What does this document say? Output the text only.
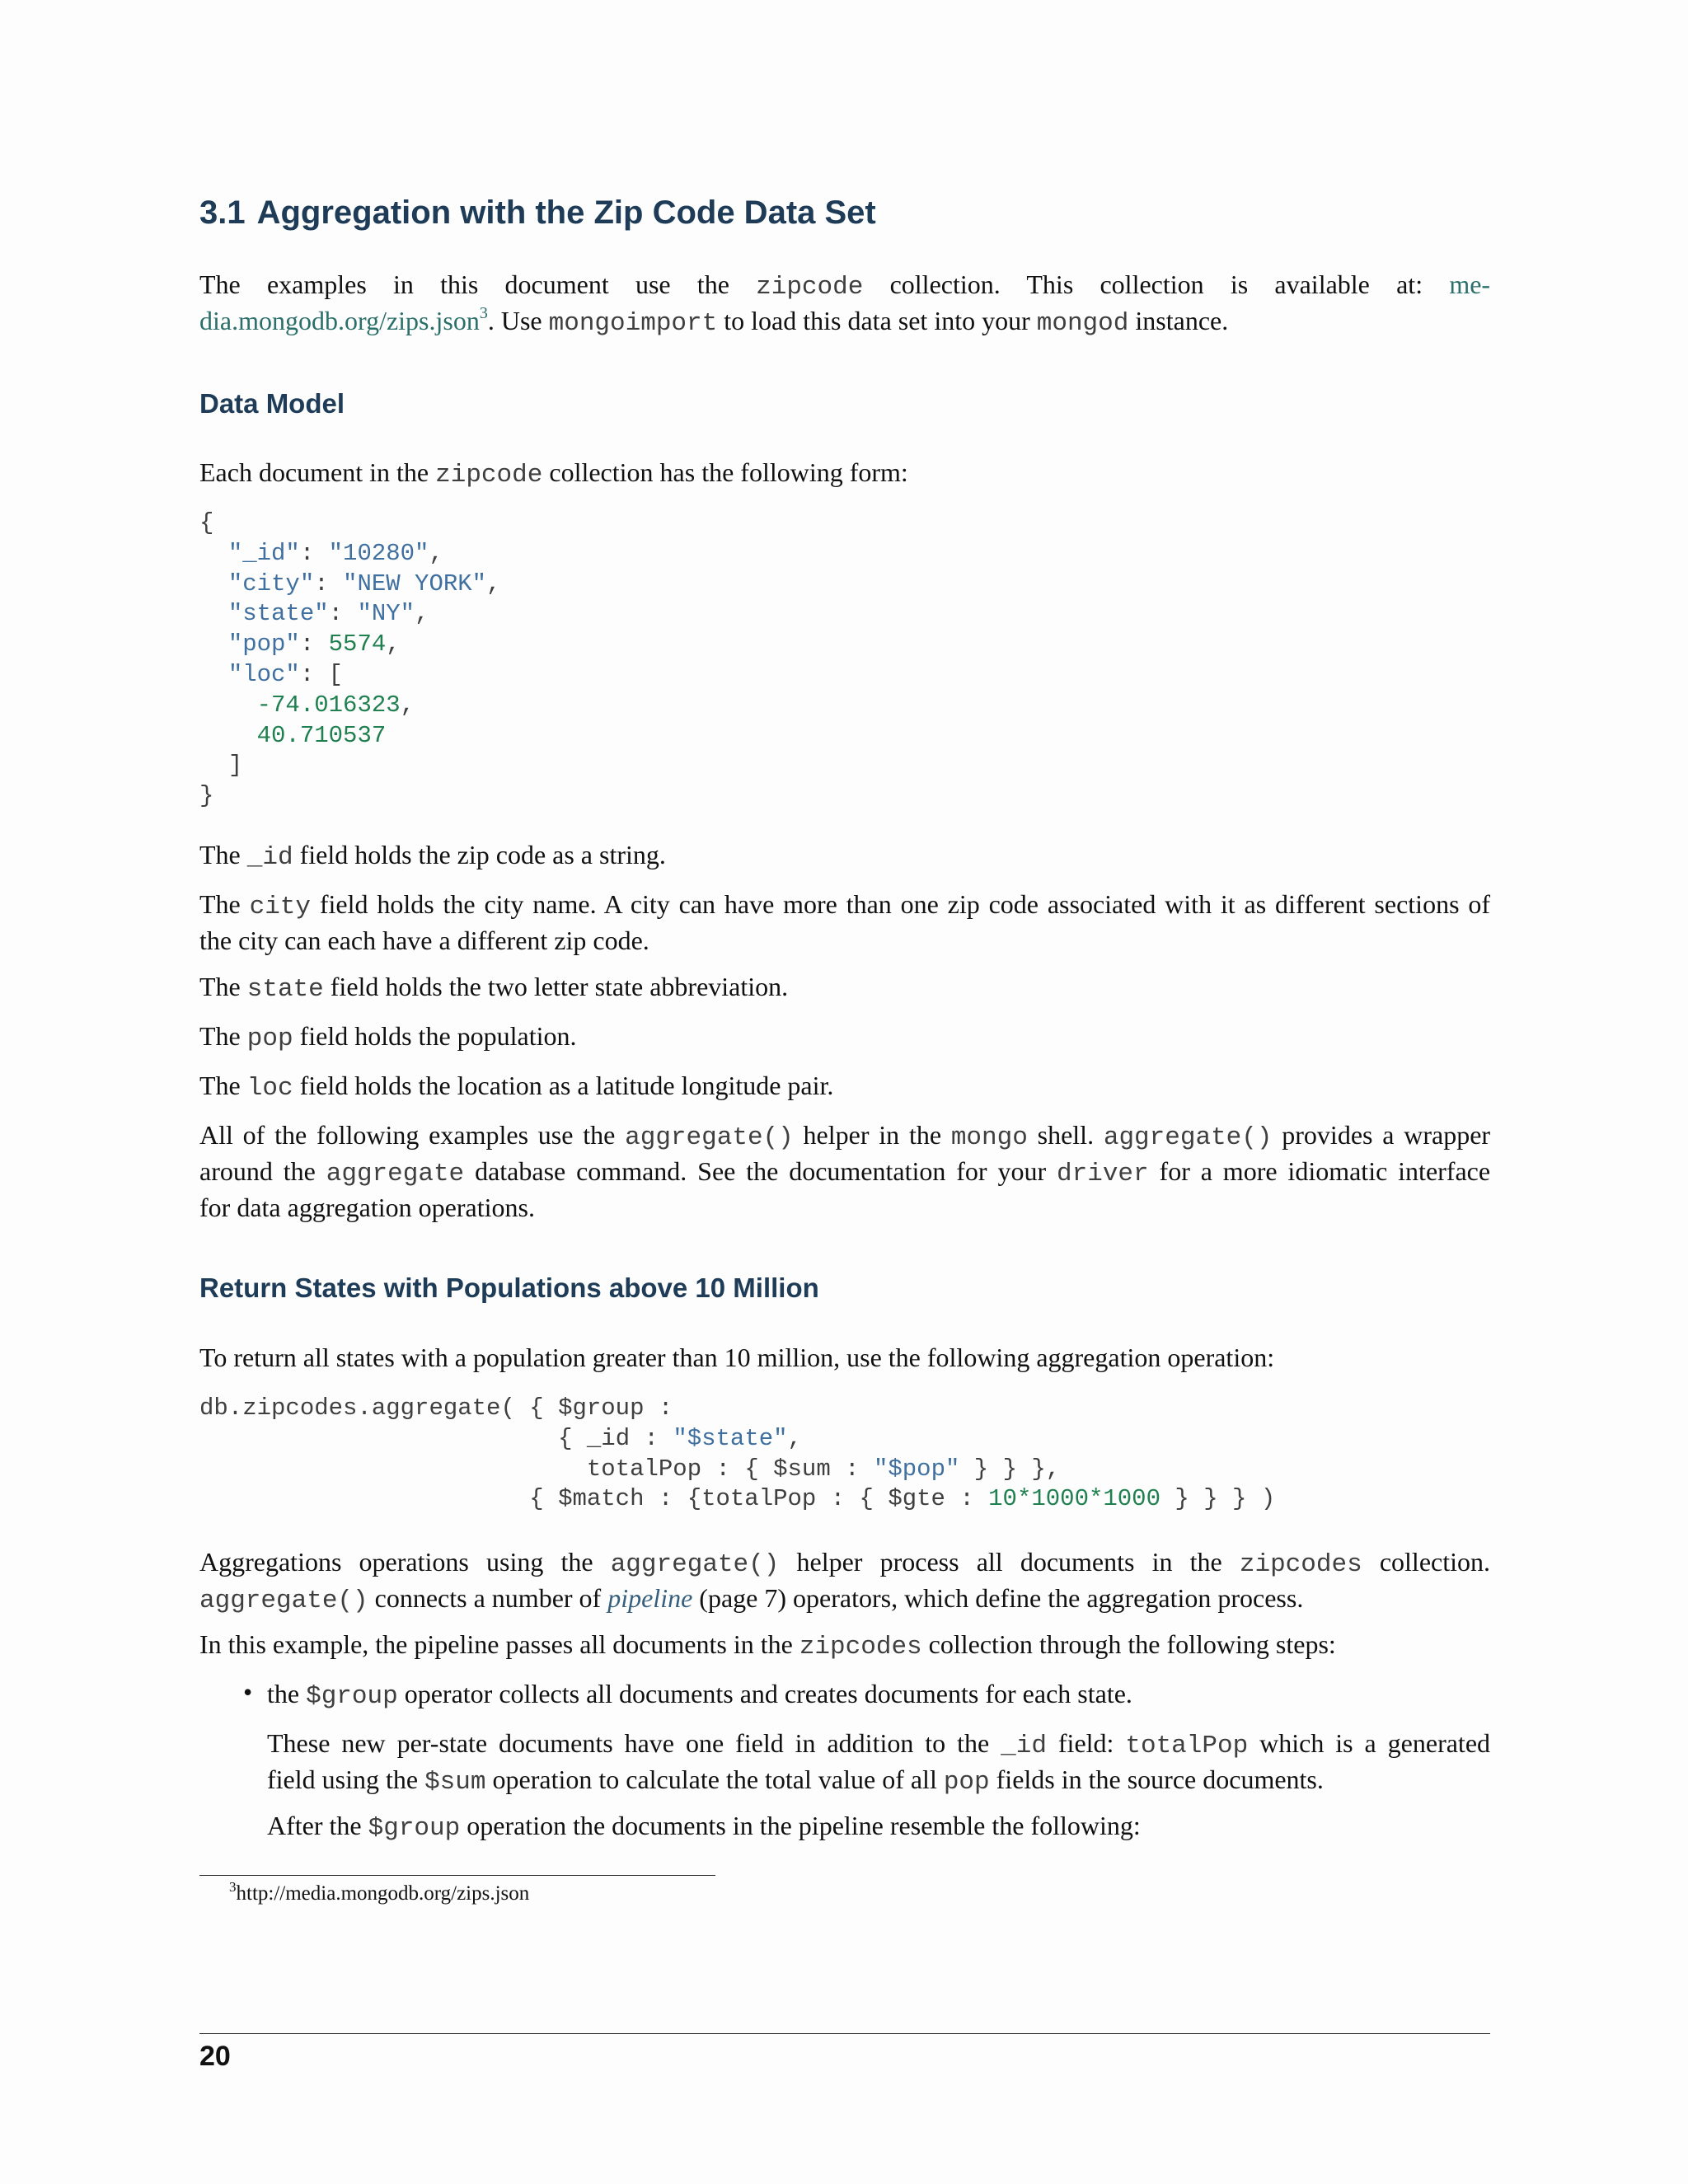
3.1 Aggregation with the Zip Code Data Set

The examples in this document use the zipcode collection. This collection is available at: me-
dia.mongodb.org/zips.json$^3$. Use mongoimport to load this data set into your mongod instance.

Data Model

Each document in the zipcode collection has the following form:

{
"_id": "10280",
"city": "NEW YORK",
"state": "NY",
"pop": 5574,
"loc": [
-74.016323,
40.710537
]
}

The _id field holds the zip code as a string.

The city field holds the city name. A city can have more than one zip code associated with it as different sections of
the city can each have a different zip code.

The state field holds the two letter state abbreviation.

The pop field holds the population.

The loc field holds the location as a latitude longitude pair.

All of the following examples use the aggregate() helper in the mongo shell. aggregate() provides a wrapper
around the aggregate database command. See the documentation for your driver for a more idiomatic interface
for data aggregation operations.

Return States with Populations above 10 Million

To return all states with a population greater than 10 million, use the following aggregation operation:

db.zipcodes.aggregate( { $group :
{ _id : "$state",
totalPop : { $sum : "$pop" } } },
{ $match : {totalPop : { $gte : 10*1000*1000 } } } )

Aggregations operations using the aggregate() helper process all documents in the zipcodes collection.
aggregate() connects a number of pipeline (page 7) operators, which define the aggregation process.

In this example, the pipeline passes all documents in the zipcodes collection through the following steps:

• the $group operator collects all documents and creates documents for each state.

These new per-state documents have one field in addition to the _id field: totalPop which is a generated
field using the $sum operation to calculate the total value of all pop fields in the source documents.

After the $group operation the documents in the pipeline resemble the following:

$^3$http://media.mongodb.org/zips.json
20
